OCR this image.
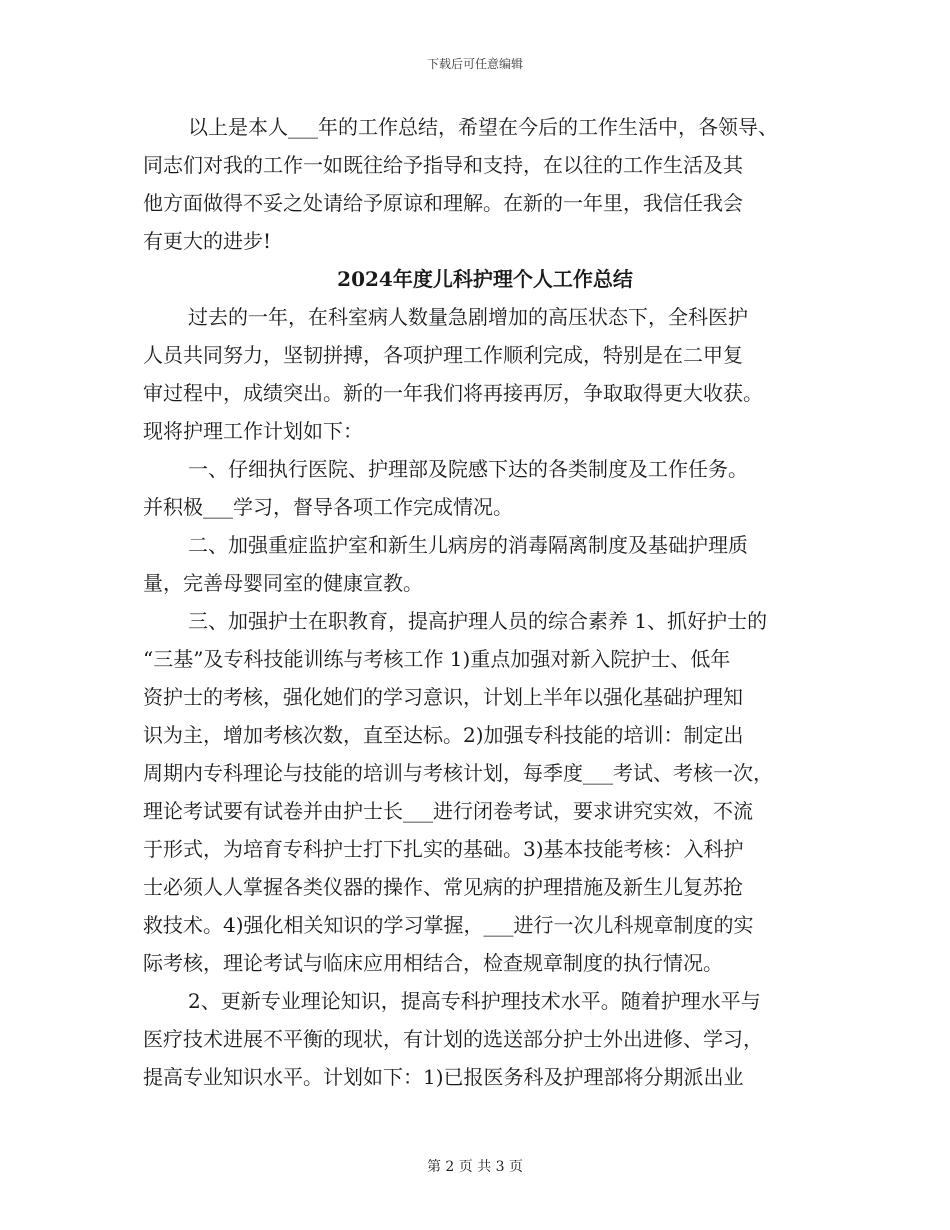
下载后可任意编辑
以上是本人___年的工作总结，希望在今后的工作生活中，各领导、
同志们对我的工作一如既往给予指导和支持，在以往的工作生活及其
他方面做得不妥之处请给予原谅和理解。在新的一年里，我信任我会
有更大的进步!
2024年度儿科护理个人工作总结
过去的一年，在科室病人数量急剧增加的高压状态下，全科医护
人员共同努力，坚韧拼搏，各项护理工作顺利完成，特别是在二甲复
审过程中，成绩突出。新的一年我们将再接再厉，争取取得更大收获。
现将护理工作计划如下：
一、仔细执行医院、护理部及院感下达的各类制度及工作任务。
并积极___学习，督导各项工作完成情况。
二、加强重症监护室和新生儿病房的消毒隔离制度及基础护理质
量，完善母婴同室的健康宣教。
三、加强护士在职教育，提高护理人员的综合素养 1、抓好护士的
“三基”及专科技能训练与考核工作 1)重点加强对新入院护士、低年
资护士的考核，强化她们的学习意识，计划上半年以强化基础护理知
识为主，增加考核次数，直至达标。2)加强专科技能的培训：制定出
周期内专科理论与技能的培训与考核计划，每季度___考试、考核一次，
理论考试要有试卷并由护士长___进行闭卷考试，要求讲究实效，不流
于形式，为培育专科护士打下扎实的基础。3)基本技能考核：入科护
士必须人人掌握各类仪器的操作、常见病的护理措施及新生儿复苏抢
救技术。4)强化相关知识的学习掌握，___进行一次儿科规章制度的实
际考核，理论考试与临床应用相结合，检查规章制度的执行情况。
2、更新专业理论知识，提高专科护理技术水平。随着护理水平与
医疗技术进展不平衡的现状，有计划的选送部分护士外出进修、学习，
提高专业知识水平。计划如下：1)已报医务科及护理部将分期派出业
第 2 页 共 3 页
